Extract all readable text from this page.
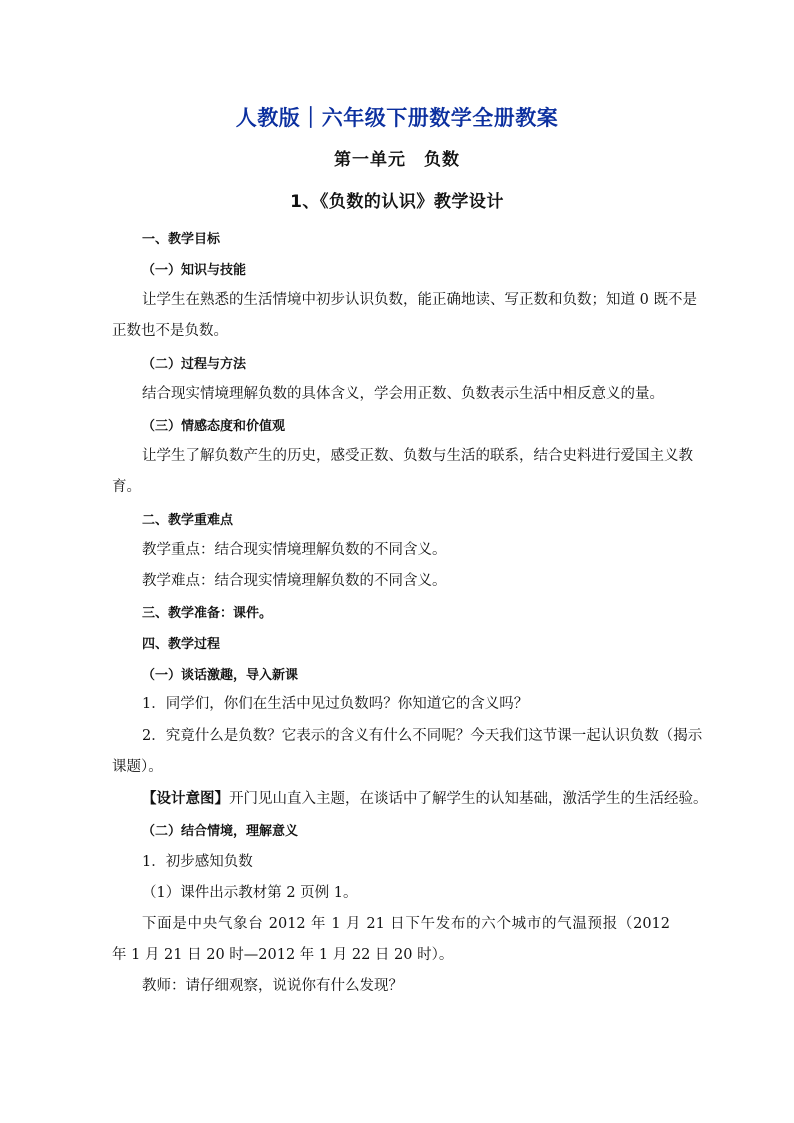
人教版｜六年级下册数学全册教案
第一单元　负数
1、《负数的认识》教学设计
一、教学目标
（一）知识与技能
让学生在熟悉的生活情境中初步认识负数，能正确地读、写正数和负数；知道 0 既不是
正数也不是负数。
（二）过程与方法
结合现实情境理解负数的具体含义，学会用正数、负数表示生活中相反意义的量。
（三）情感态度和价值观
让学生了解负数产生的历史，感受正数、负数与生活的联系，结合史料进行爱国主义教
育。
二、教学重难点
教学重点：结合现实情境理解负数的不同含义。
教学难点：结合现实情境理解负数的不同含义。
三、教学准备：课件。
四、教学过程
（一）谈话激趣，导入新课
1．同学们，你们在生活中见过负数吗？你知道它的含义吗？
2．究竟什么是负数？它表示的含义有什么不同呢？今天我们这节课一起认识负数（揭示
课题）。
【设计意图】开门见山直入主题，在谈话中了解学生的认知基础，激活学生的生活经验。
（二）结合情境，理解意义
1．初步感知负数
（1）课件出示教材第 2 页例 1。
下面是中央气象台 2012 年 1 月 21 日下午发布的六个城市的气温预报（2012
年 1 月 21 日 20 时—2012 年 1 月 22 日 20 时）。
教师：请仔细观察，说说你有什么发现？
